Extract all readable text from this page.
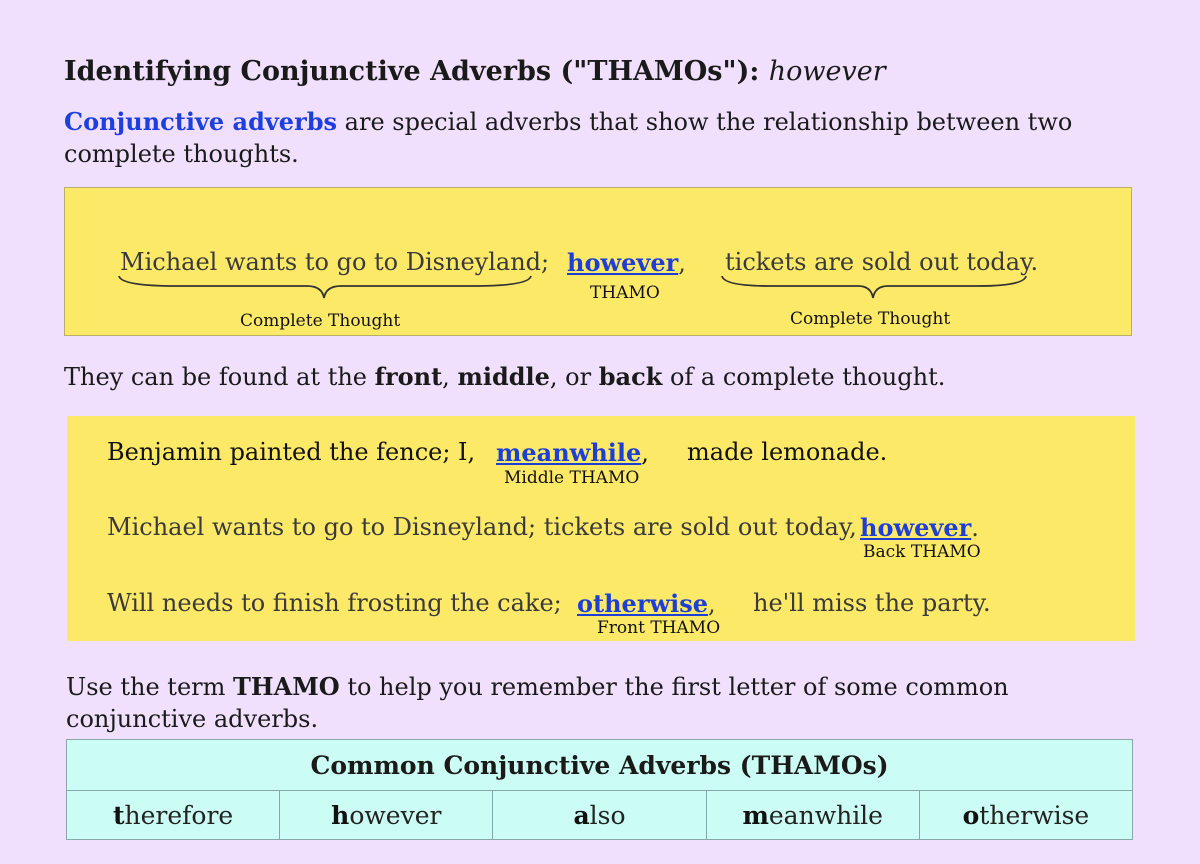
Identifying Conjunctive Adverbs ("THAMOs"): however
Conjunctive adverbs are special adverbs that show the relationship between two complete thoughts.
Michael wants to go to Disneyland; however, tickets are sold out today.
THAMO
Complete Thought	Complete Thought
They can be found at the front, middle, or back of a complete thought.
Benjamin painted the fence; I, meanwhile, made lemonade.
Middle THAMO
Michael wants to go to Disneyland; tickets are sold out today, however.
Back THAMO
Will needs to finish frosting the cake; otherwise, he'll miss the party.
Front THAMO
Use the term THAMO to help you remember the first letter of some common conjunctive adverbs.
Common Conjunctive Adverbs (THAMOs)
t herefore	h owever	a lso	m eanwhile	o therwise
